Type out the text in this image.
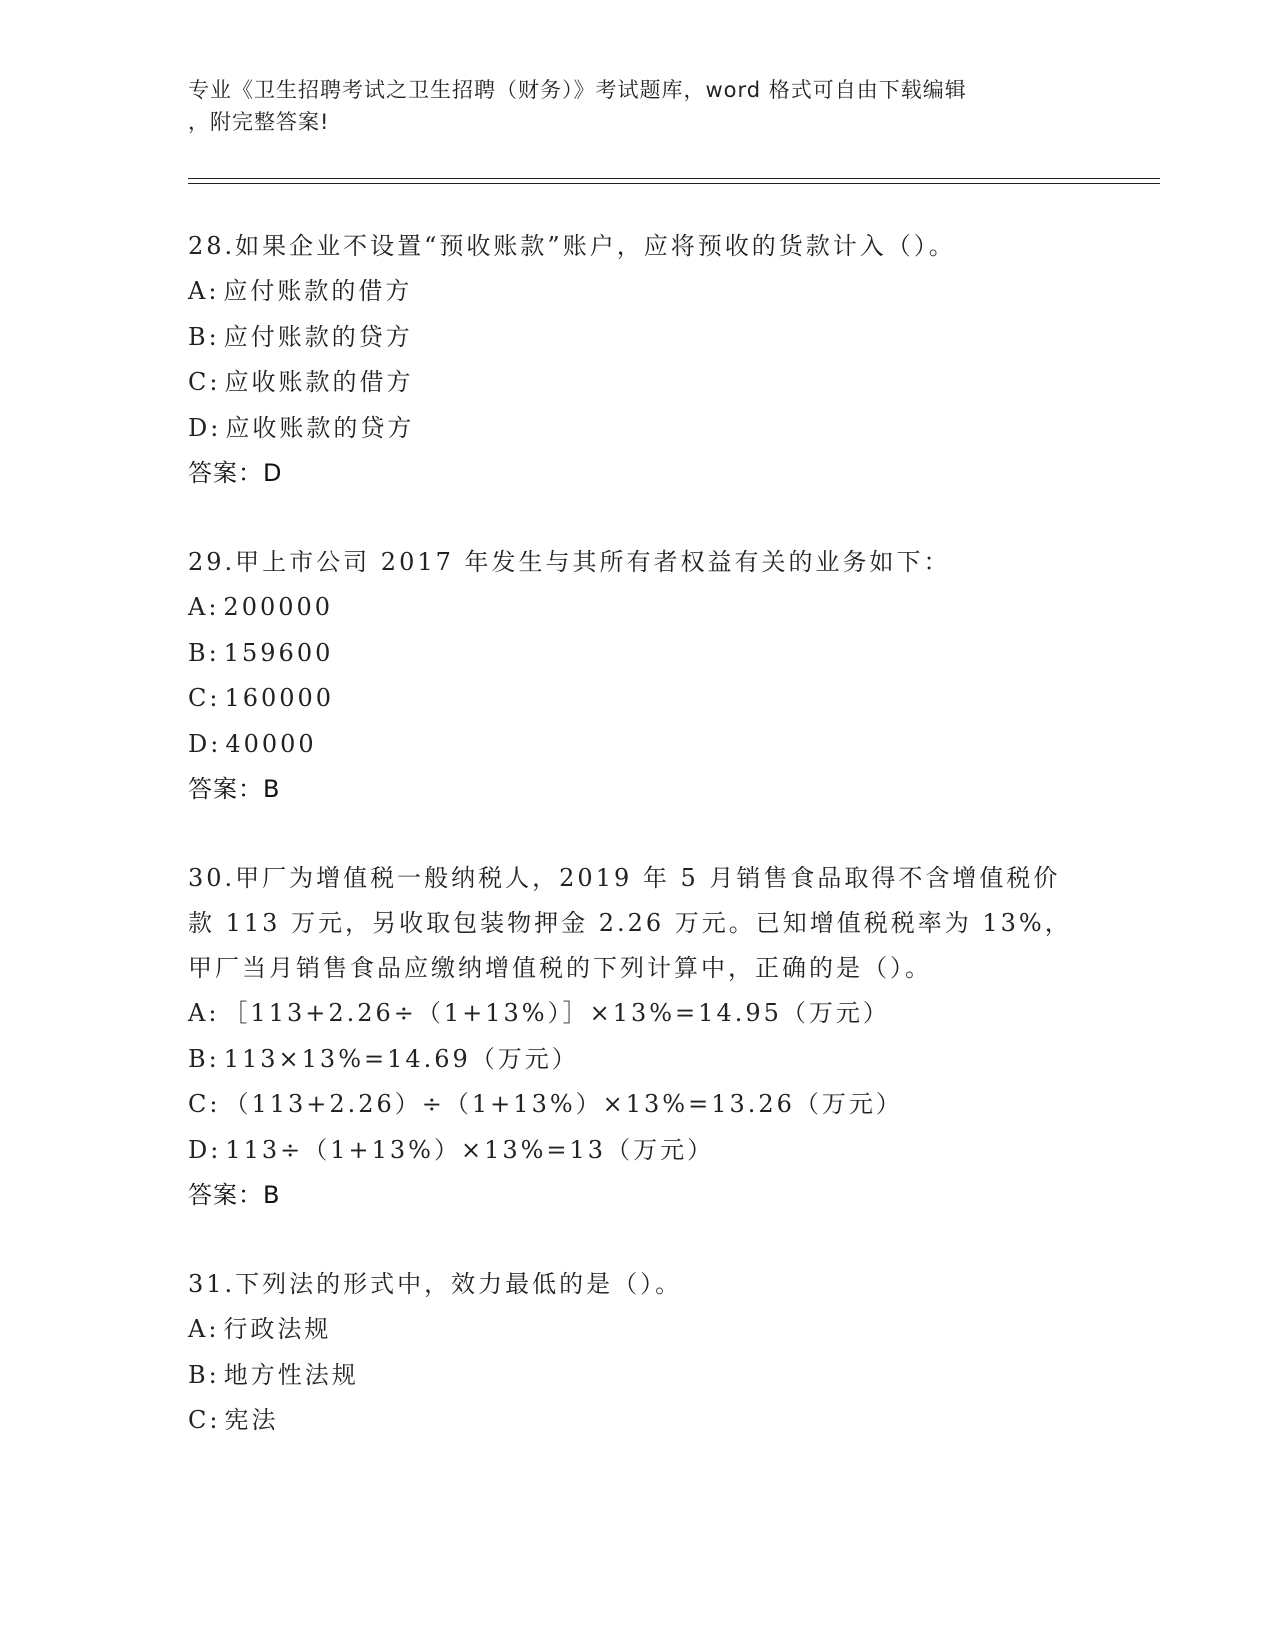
专业《卫生招聘考试之卫生招聘（财务）》考试题库，word 格式可自由下载编辑
，附完整答案!
28.如果企业不设置“预收账款”账户，应将预收的货款计入（）。
A: 应付账款的借方
B: 应付账款的贷方
C: 应收账款的借方
D: 应收账款的贷方
答案：D
29.甲上市公司 2017 年发生与其所有者权益有关的业务如下：
A: 200000
B: 159600
C: 160000
D: 40000
答案：B
30.甲厂为增值税一般纳税人，2019 年 5 月销售食品取得不含增值税价
款 113 万元，另收取包装物押金 2.26 万元。已知增值税税率为 13%，
甲厂当月销售食品应缴纳增值税的下列计算中，正确的是（）。
A: ［113+2.26÷（1+13%）］×13%=14.95（万元）
B: 113×13%=14.69（万元）
C: （113+2.26）÷（1+13%）×13%=13.26（万元）
D: 113÷（1+13%）×13%=13（万元）
答案：B
31.下列法的形式中，效力最低的是（）。
A: 行政法规
B: 地方性法规
C: 宪法
